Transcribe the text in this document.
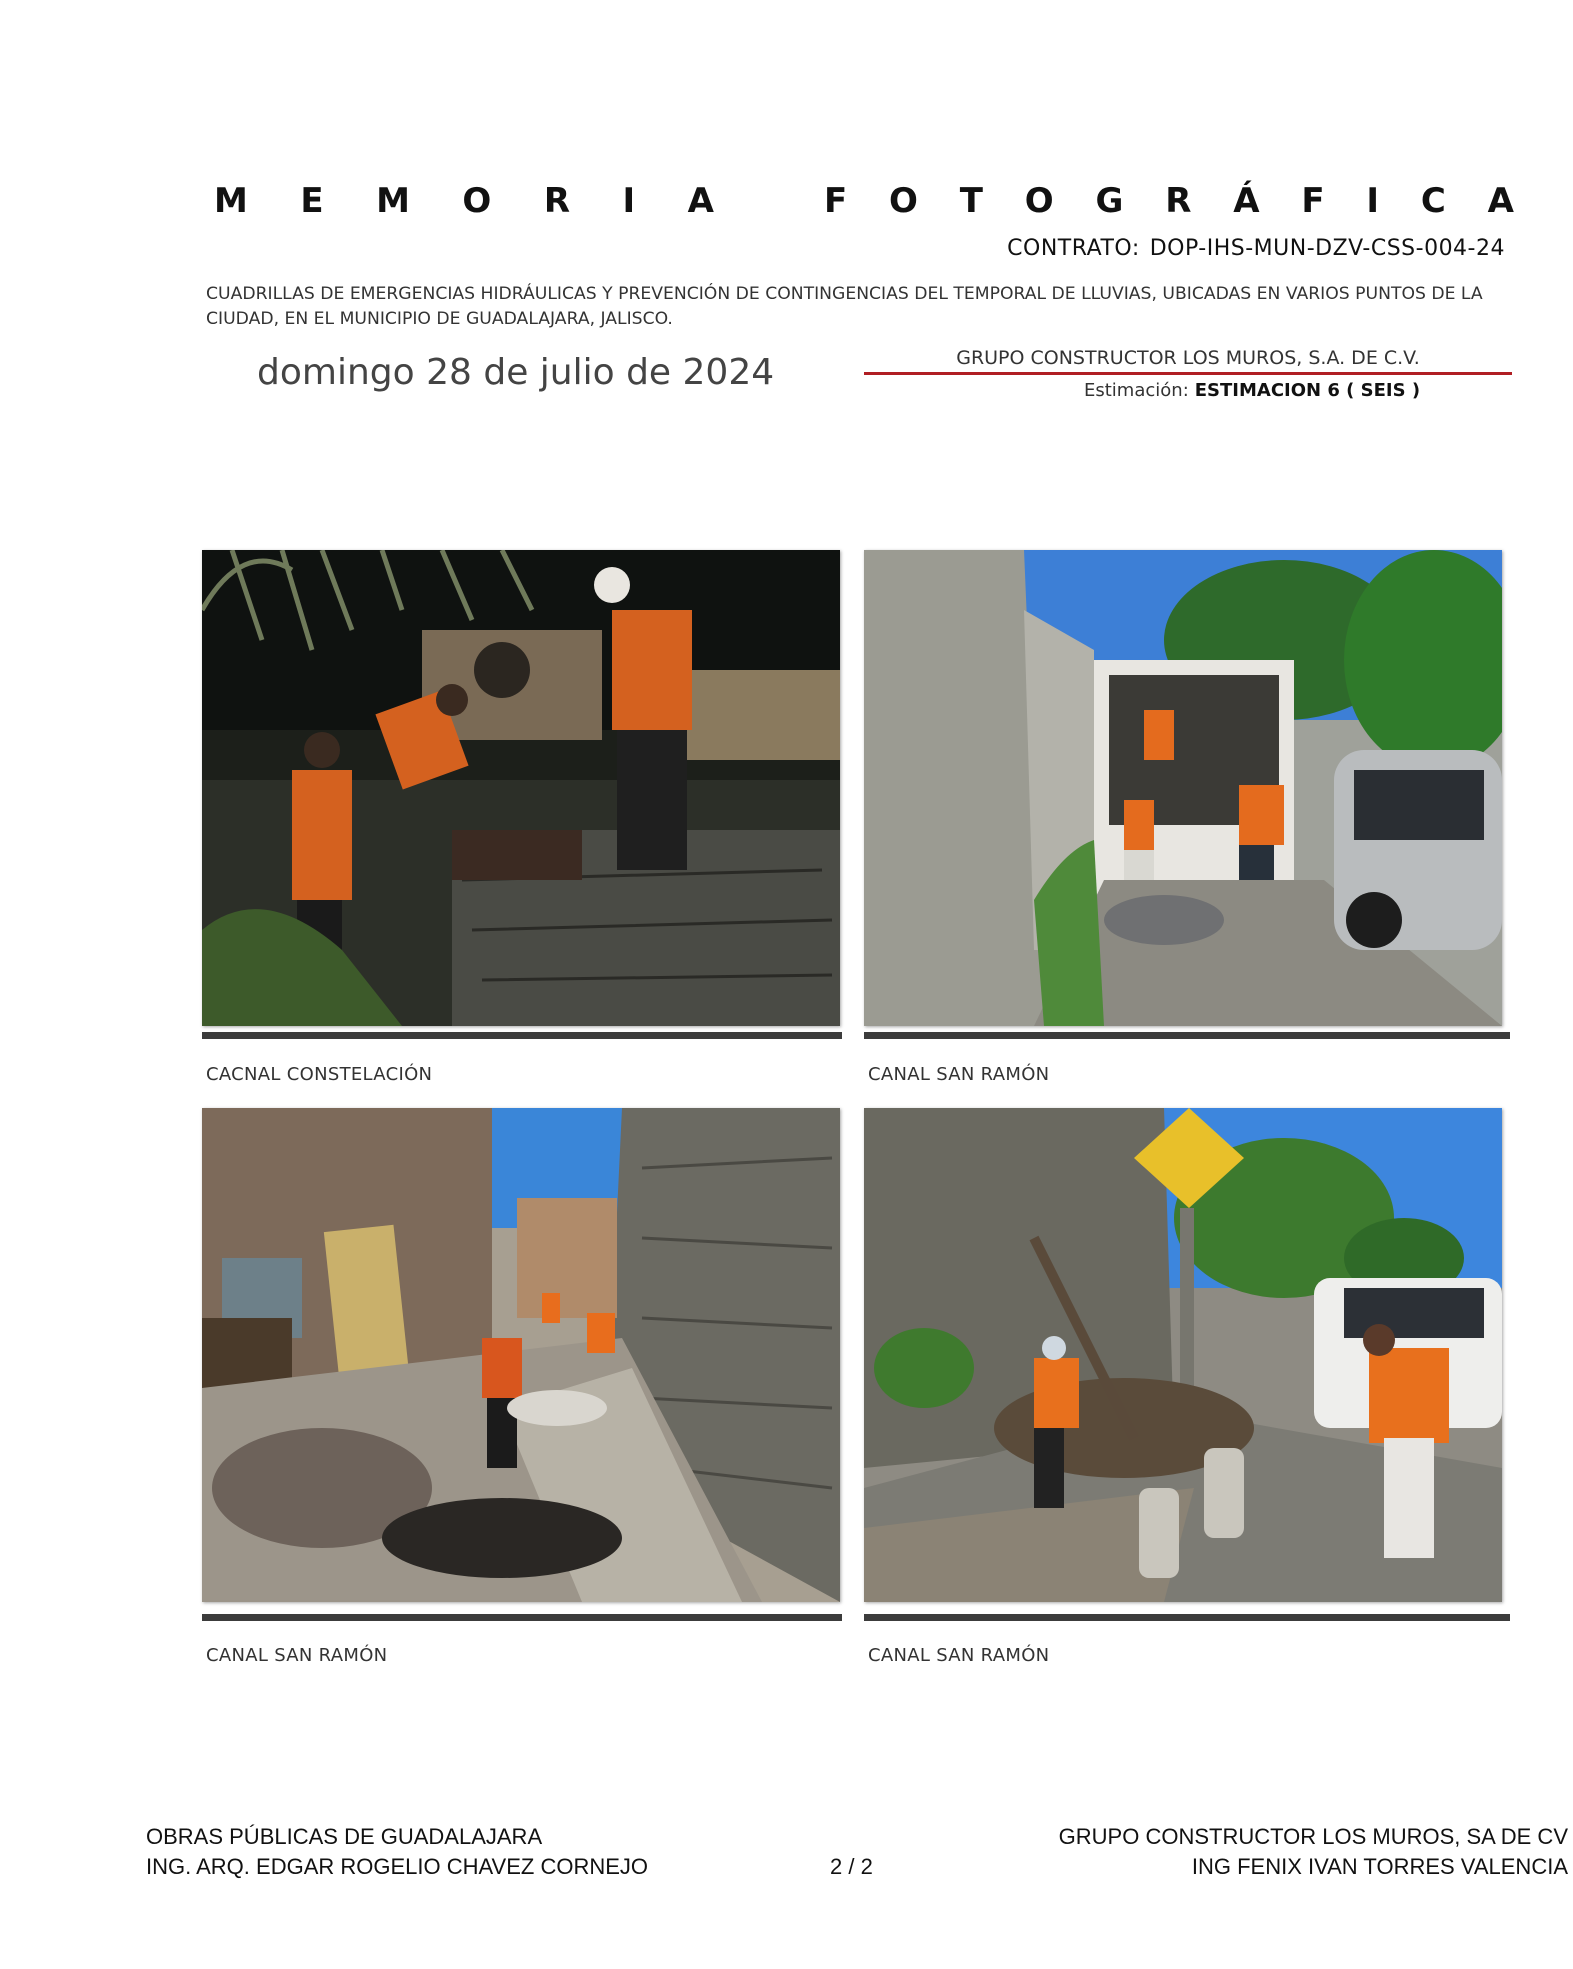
M E M O R I A	F O T O G R Á F I C A
CONTRATO: DOP-IHS-MUN-DZV-CSS-004-24
CUADRILLAS DE EMERGENCIAS HIDRÁULICAS Y PREVENCIÓN DE CONTINGENCIAS DEL TEMPORAL DE LLUVIAS, UBICADAS EN VARIOS PUNTOS DE LA CIUDAD, EN EL MUNICIPIO DE GUADALAJARA, JALISCO.
domingo 28 de julio de 2024	GRUPO CONSTRUCTOR LOS MUROS, S.A. DE C.V.
Estimación: ESTIMACION 6 ( SEIS )
CACNAL CONSTELACIÓN	CANAL SAN RAMÓN
CANAL SAN RAMÓN	CANAL SAN RAMÓN
OBRAS PÚBLICAS DE GUADALAJARA
ING. ARQ. EDGAR ROGELIO CHAVEZ CORNEJO	2 / 2
GRUPO CONSTRUCTOR LOS MUROS, SA DE CV
ING FENIX IVAN TORRES VALENCIA
